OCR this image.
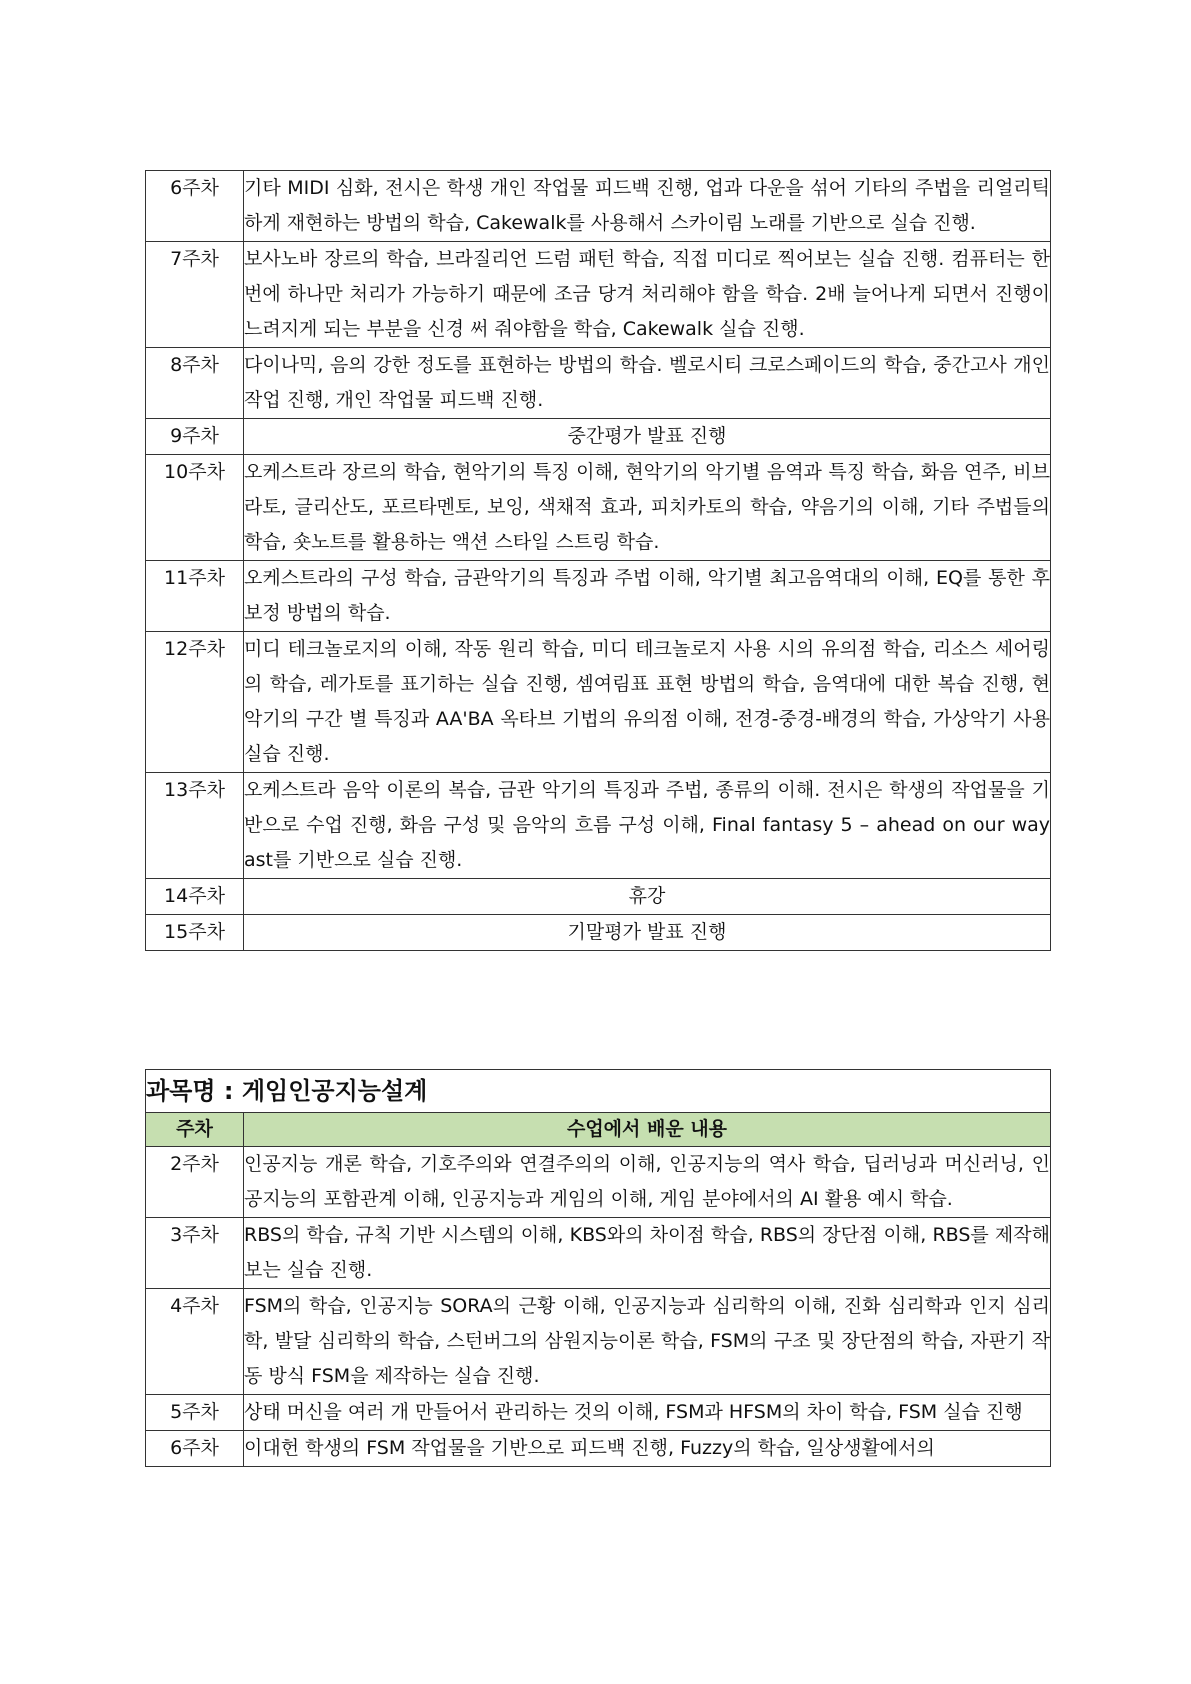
6주차	기타 MIDI 심화, 전시은 학생 개인 작업물 피드백 진행, 업과 다운을 섞어 기타의 주법을 리얼리틱하게 재현하는 방법의 학습, Cakewalk를 사용해서 스카이림 노래를 기반으로 실습 진행.
7주차	보사노바 장르의 학습, 브라질리언 드럼 패턴 학습, 직접 미디로 찍어보는 실습 진행. 컴퓨터는 한 번에 하나만 처리가 가능하기 때문에 조금 당겨 처리해야 함을 학습. 2배 늘어나게 되면서 진행이 느려지게 되는 부분을 신경 써 줘야함을 학습, Cakewalk 실습 진행.
8주차	다이나믹, 음의 강한 정도를 표현하는 방법의 학습. 벨로시티 크로스페이드의 학습, 중간고사 개인 작업 진행, 개인 작업물 피드백 진행.
9주차	중간평가 발표 진행
10주차	오케스트라 장르의 학습, 현악기의 특징 이해, 현악기의 악기별 음역과 특징 학습, 화음 연주, 비브라토, 글리산도, 포르타멘토, 보잉, 색채적 효과, 피치카토의 학습, 약음기의 이해, 기타 주법들의 학습, 숏노트를 활용하는 액션 스타일 스트링 학습.
11주차	오케스트라의 구성 학습, 금관악기의 특징과 주법 이해, 악기별 최고음역대의 이해, EQ를 통한 후보정 방법의 학습.
12주차	미디 테크놀로지의 이해, 작동 원리 학습, 미디 테크놀로지 사용 시의 유의점 학습, 리소스 세어링의 학습, 레가토를 표기하는 실습 진행, 셈여림표 표현 방법의 학습, 음역대에 대한 복습 진행, 현악기의 구간 별 특징과 AA'BA 옥타브 기법의 유의점 이해, 전경-중경-배경의 학습, 가상악기 사용 실습 진행.
13주차	오케스트라 음악 이론의 복습, 금관 악기의 특징과 주법, 종류의 이해. 전시은 학생의 작업물을 기반으로 수업 진행, 화음 구성 및 음악의 흐름 구성 이해, Final fantasy 5 – ahead on our way ast를 기반으로 실습 진행.
14주차	휴강
15주차	기말평가 발표 진행
과목명 : 게임인공지능설계	
주차	수업에서 배운 내용
2주차	인공지능 개론 학습, 기호주의와 연결주의의 이해, 인공지능의 역사 학습, 딥러닝과 머신러닝, 인공지능의 포함관계 이해, 인공지능과 게임의 이해, 게임 분야에서의 AI 활용 예시 학습.
3주차	RBS의 학습, 규칙 기반 시스템의 이해, KBS와의 차이점 학습, RBS의 장단점 이해, RBS를 제작해 보는 실습 진행.
4주차	FSM의 학습, 인공지능 SORA의 근황 이해, 인공지능과 심리학의 이해, 진화 심리학과 인지 심리학, 발달 심리학의 학습, 스턴버그의 삼원지능이론 학습, FSM의 구조 및 장단점의 학습, 자판기 작동 방식 FSM을 제작하는 실습 진행.
5주차	상태 머신을 여러 개 만들어서 관리하는 것의 이해, FSM과 HFSM의 차이 학습, FSM 실습 진행
6주차	이대헌 학생의 FSM 작업물을 기반으로 피드백 진행, Fuzzy의 학습, 일상생활에서의
